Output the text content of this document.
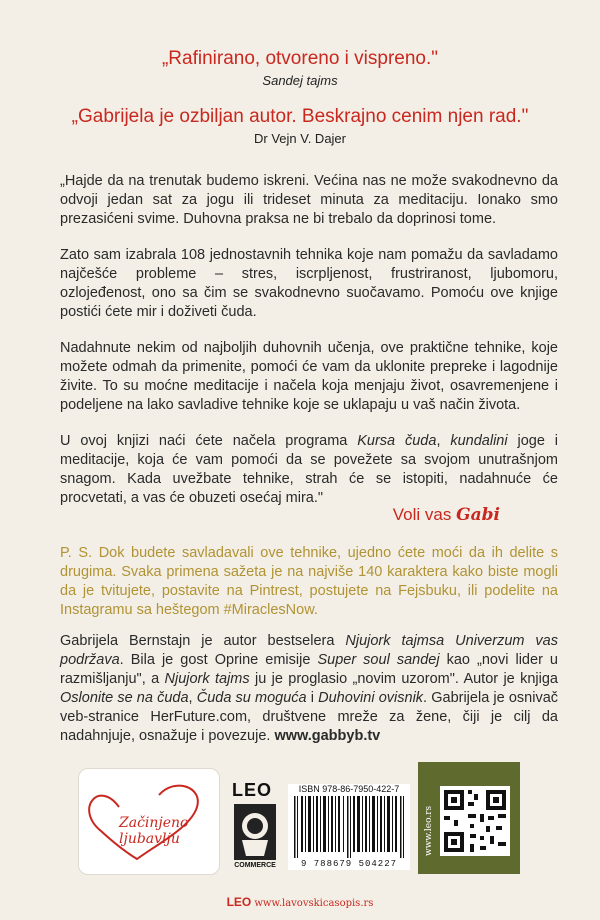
„Rafinirano, otvoreno i vispreno."
Sandej tajms
„Gabrijela je ozbiljan autor. Beskrajno cenim njen rad."
Dr Vejn V. Dajer

„Hajde da na trenutak budemo iskreni. Većina nas ne može svakodnevno da odvoji jedan sat za jogu ili trideset minuta za meditaciju. Ionako smo prezasićeni svime. Duhovna praksa ne bi trebalo da doprinosi tome.

Zato sam izabrala 108 jednostavnih tehnika koje nam pomažu da savladamo najčešće probleme – stres, iscrpljenost, frustriranost, ljubomoru, ozlojeđenost, ono sa čim se svakodnevno suočavamo. Pomoću ove knjige postići ćete mir i doživeti čuda.

Nadahnute nekim od najboljih duhovnih učenja, ove praktične tehnike, koje možete odmah da primenite, pomoći će vam da uklonite prepreke i lagodnije živite. To su moćne meditacije i načela koja menjaju život, osavremenjene i podeljene na lako savladive tehnike koje se uklapaju u vaš način života.

U ovoj knjizi naći ćete načela programa Kursa čuda, kundalini joge i meditacije, koja će vam pomoći da se povežete sa svojom unutrašnjom snagom. Kada uvežbate tehnike, strah će se istopiti, nadahnuće će procvetati, a vas će obuzeti osećaj mira."

Voli vas Gabi
P. S. Dok budete savladavali ove tehnike, ujedno ćete moći da ih delite s drugima. Svaka primena sažeta je na najviše 140 karaktera kako biste mogli da je tvitujete, postavite na Pintrest, postujete na Fejsbuku, ili podelite na Instagramu sa heštegom #MiraclesNow.
Gabrijela Bernstajn je autor bestselera Njujork tajmsa Univerzum vas podržava. Bila je gost Oprine emisije Super soul sandej kao „novi lider u razmišljanju", a Njujork tajms ju je proglasio „novim uzorom". Autor je knjiga Oslonite se na čuda, Čuda su moguća i Duhovini ovisnik. Gabrijela je osnivač veb-stranice HerFuture.com, društvene mreže za žene, čiji je cilj da nadahnjuje, osnažuje i povezuje. www.gabbyb.tv
Začinjeno
ljubavlju
LEO
COMMERCE
ISBN 978-86-7950-422-7
9 788679 504227
www.leo.rs
LEO www.lavovskicasopis.rs
